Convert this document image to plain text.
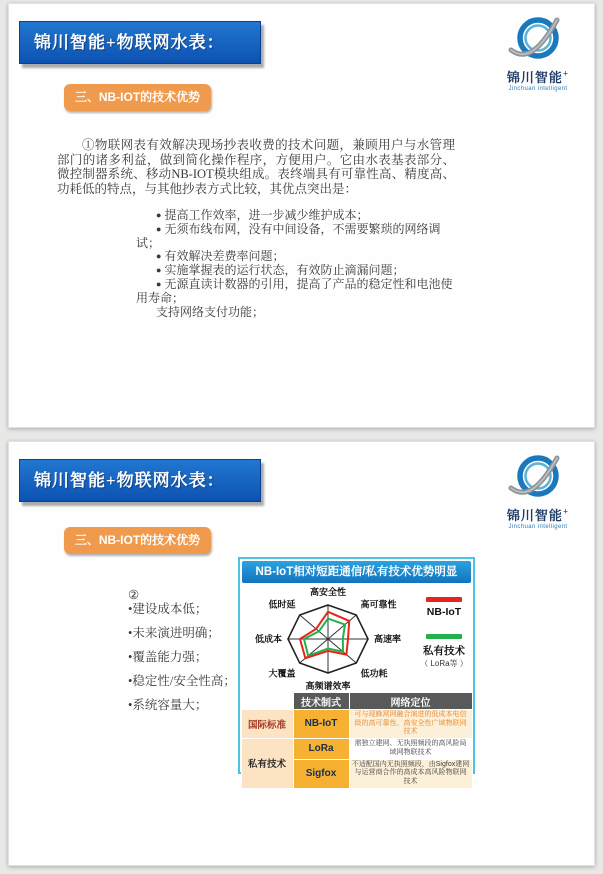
锦川智能+物联网水表：
锦川智能+
Jinchuan intelligent
三、NB-IOT的技术优势

①物联网表有效解决现场抄表收费的技术问题，兼顾用户与水管理部门的诸多利益，做到简化操作程序，方便用户。它由水表基表部分、微控制器系统、移动NB-IOT模块组成。表终端具有可靠性高、精度高、功耗低的特点，与其他抄表方式比较，其优点突出是：

● 提高工作效率，进一步减少维护成本；
● 无须布线布网，没有中间设备，不需要繁琐的网络调试；
● 有效解决差费率问题；
● 实施掌握表的运行状态，有效防止滴漏问题；
● 无源直读计数器的引用，提高了产品的稳定性和电池使用寿命；
支持网络支付功能；
锦川智能+物联网水表：
锦川智能+
Jinchuan intelligent
三、NB-IOT的技术优势
②
•建设成本低；
•未来演进明确；
•覆盖能力强；
•稳定性/安全性高；
•系统容量大；
NB-IoT相对短距通信/私有技术优势明显
高安全性
高可靠性
高速率
低功耗
高频谱效率
大覆盖
低成本
低时延
NB-IoT
私有技术
（ LoRa等 ）
	技术制式	网络定位
国际标准	NB-IoT	可与现蜂窝网融合演进的低成本电信级的高可靠性、高安全性广域物联网技术
私有技术	LoRa	需独立建网、无执照频段的高风险局域网物联技术
	Sigfox	不适配国内无执照频段，由Sigfox建网与运营商合作的高成本高风险物联网技术
